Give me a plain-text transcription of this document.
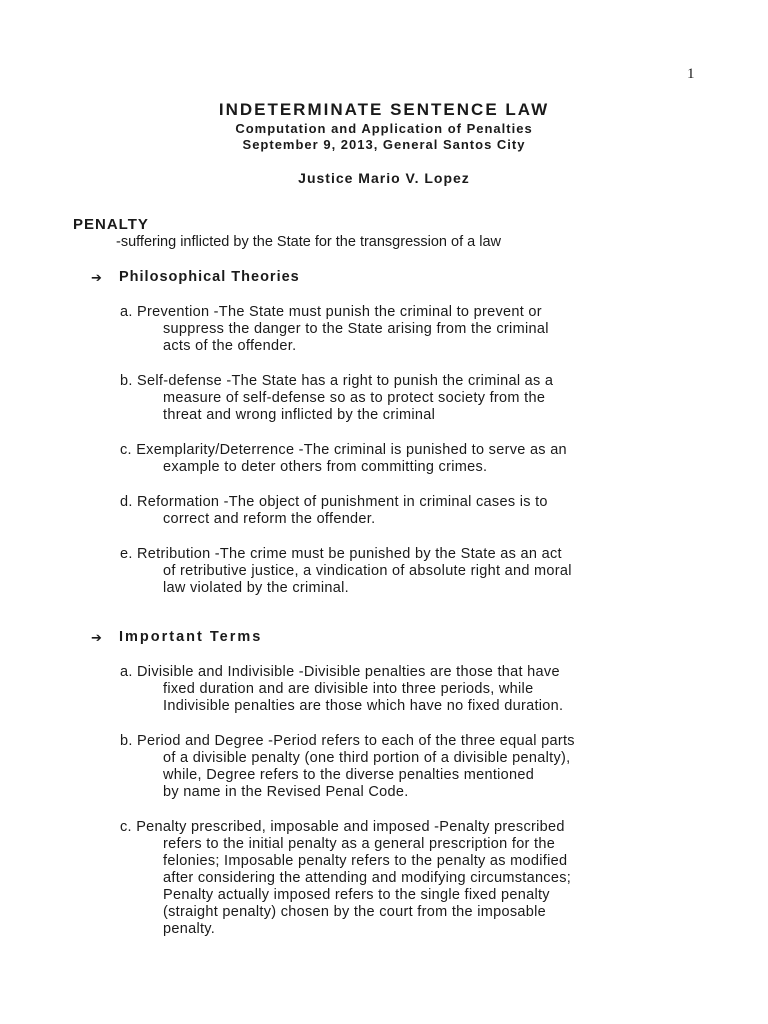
1
INDETERMINATE SENTENCE LAW
Computation and Application of Penalties
September 9, 2013, General Santos City
Justice Mario V. Lopez
PENALTY
-suffering inflicted by the State for the transgression of a law
➔	Philosophical Theories
a. Prevention -The State must punish the criminal to prevent or
suppress the danger to the State arising from the criminal
acts of the offender.
b. Self-defense -The State has a right to punish the criminal as a
measure of self-defense so as to protect society from the
threat and wrong inflicted by the criminal
c. Exemplarity/Deterrence -The criminal is punished to serve as an
example to deter others from committing crimes.
d. Reformation -The object of punishment in criminal cases is to
correct and reform the offender.
e. Retribution -The crime must be punished by the State as an act
of retributive justice, a vindication of absolute right and moral
law violated by the criminal.
➔	Important Terms
a. Divisible and Indivisible -Divisible penalties are those that have
fixed duration and are divisible into three periods, while
Indivisible penalties are those which have no fixed duration.
b. Period and Degree -Period refers to each of the three equal parts
of a divisible penalty (one third portion of a divisible penalty),
while, Degree refers to the diverse penalties mentioned
by name in the Revised Penal Code.
c. Penalty prescribed, imposable and imposed -Penalty prescribed
refers to the initial penalty as a general prescription for the
felonies; Imposable penalty refers to the penalty as modified
after considering the attending and modifying circumstances;
Penalty actually imposed refers to the single fixed penalty
(straight penalty) chosen by the court from the imposable
penalty.
